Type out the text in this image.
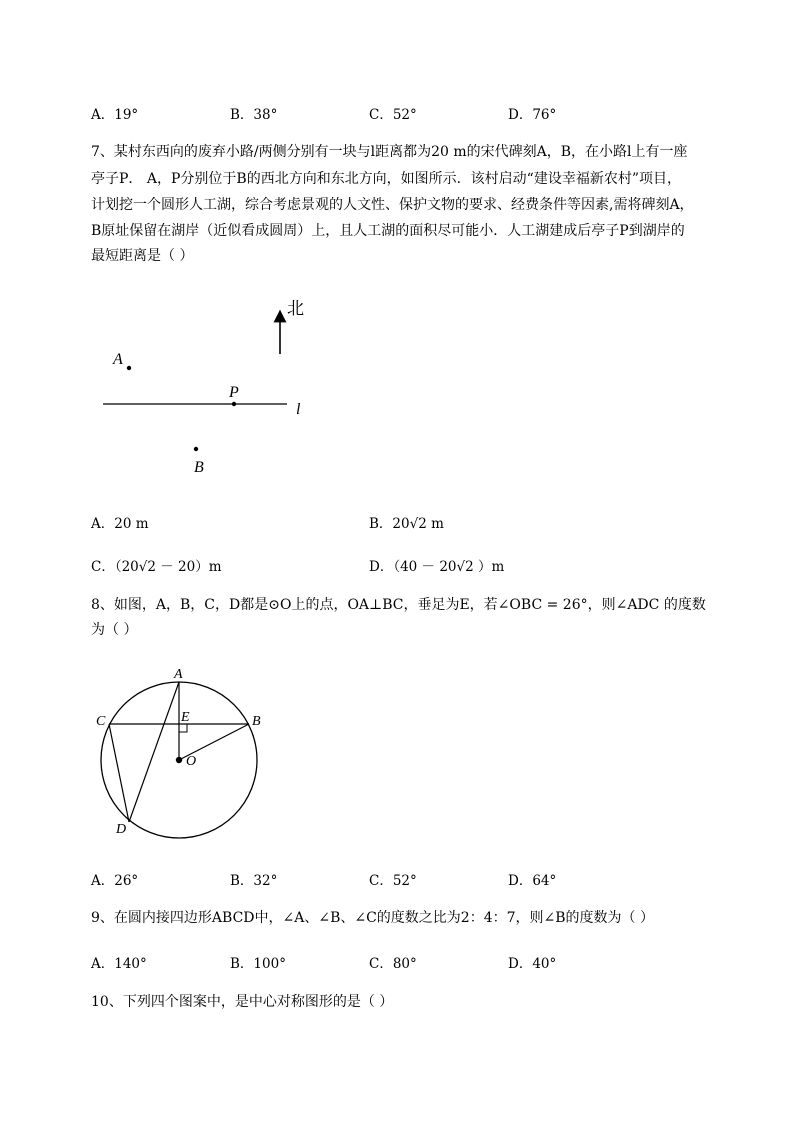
A．19°	B．38°	C．52°	D．76°
7、某村东西向的废弃小路/两侧分别有一块与l距离都为20 m的宋代碑刻A，B，在小路l上有一座
亭子P． A，P分别位于B的西北方向和东北方向，如图所示．该村启动“建设幸福新农村”项目，
计划挖一个圆形人工湖，综合考虑景观的人文性、保护文物的要求、经费条件等因素,需将碑刻A，
B原址保留在湖岸（近似看成圆周）上，且人工湖的面积尽可能小．人工湖建成后亭子P到湖岸的
最短距离是（ ）
北
A
P
l
B
A．20 m	B．20√2 m
C．（20√2 － 20）m	D．（40 － 20√2 ）m
8、如图，A，B，C，D都是⊙O上的点，OA⊥BC，垂足为E，若∠OBC = 26°，则∠ADC 的度数
为（ ）
A
B
C
D
E
O
A．26°	B．32°	C．52°	D．64°
9、在圆内接四边形ABCD中，∠A、∠B、∠C的度数之比为2：4：7，则∠B的度数为（ ）
A．140°	B．100°	C．80°	D．40°
10、下列四个图案中，是中心对称图形的是（ ）
